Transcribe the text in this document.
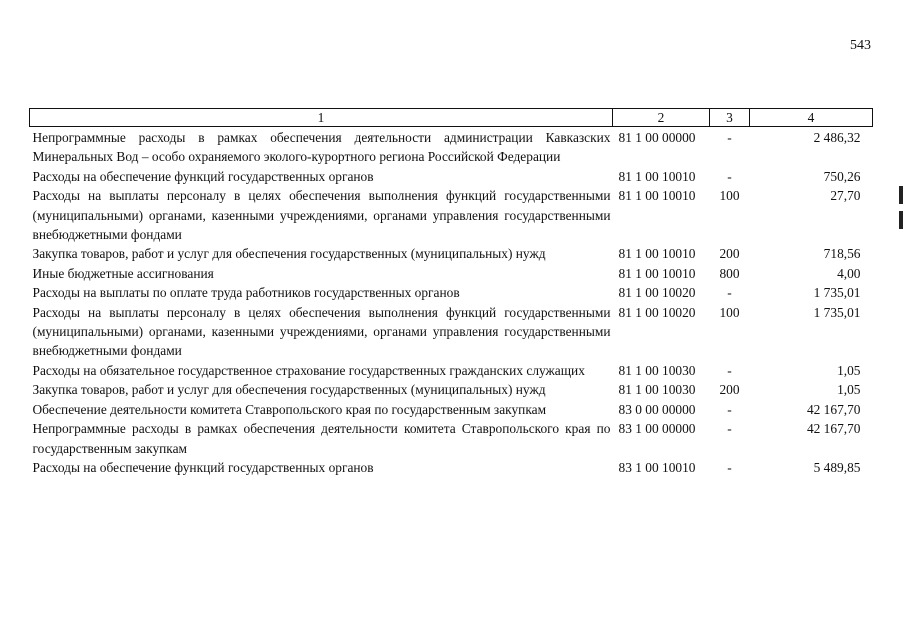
543
1	2	3	4
Непрограммные расходы в рамках обеспечения деятельности администрации Кавказских Минеральных Вод – особо охраняемого эколого-курортного региона Российской Федерации	81 1 00 00000	-	2 486,32
Расходы на обеспечение функций государственных органов	81 1 00 10010	-	750,26
Расходы на выплаты персоналу в целях обеспечения выполнения функций государственными (муниципальными) органами, казенными учреждениями, органами управления государственными внебюджетными фондами	81 1 00 10010	100	27,70
Закупка товаров, работ и услуг для обеспечения государственных (муниципальных) нужд	81 1 00 10010	200	718,56
Иные бюджетные ассигнования	81 1 00 10010	800	4,00
Расходы на выплаты по оплате труда работников государственных органов	81 1 00 10020	-	1 735,01
Расходы на выплаты персоналу в целях обеспечения выполнения функций государственными (муниципальными) органами, казенными учреждениями, органами управления государственными внебюджетными фондами	81 1 00 10020	100	1 735,01
Расходы на обязательное государственное страхование государственных гражданских служащих	81 1 00 10030	-	1,05
Закупка товаров, работ и услуг для обеспечения государственных (муниципальных) нужд	81 1 00 10030	200	1,05
Обеспечение деятельности комитета Ставропольского края по государственным закупкам	83 0 00 00000	-	42 167,70
Непрограммные расходы в рамках обеспечения деятельности комитета Ставропольского края по государственным закупкам	83 1 00 00000	-	42 167,70
Расходы на обеспечение функций государственных органов	83 1 00 10010	-	5 489,85
